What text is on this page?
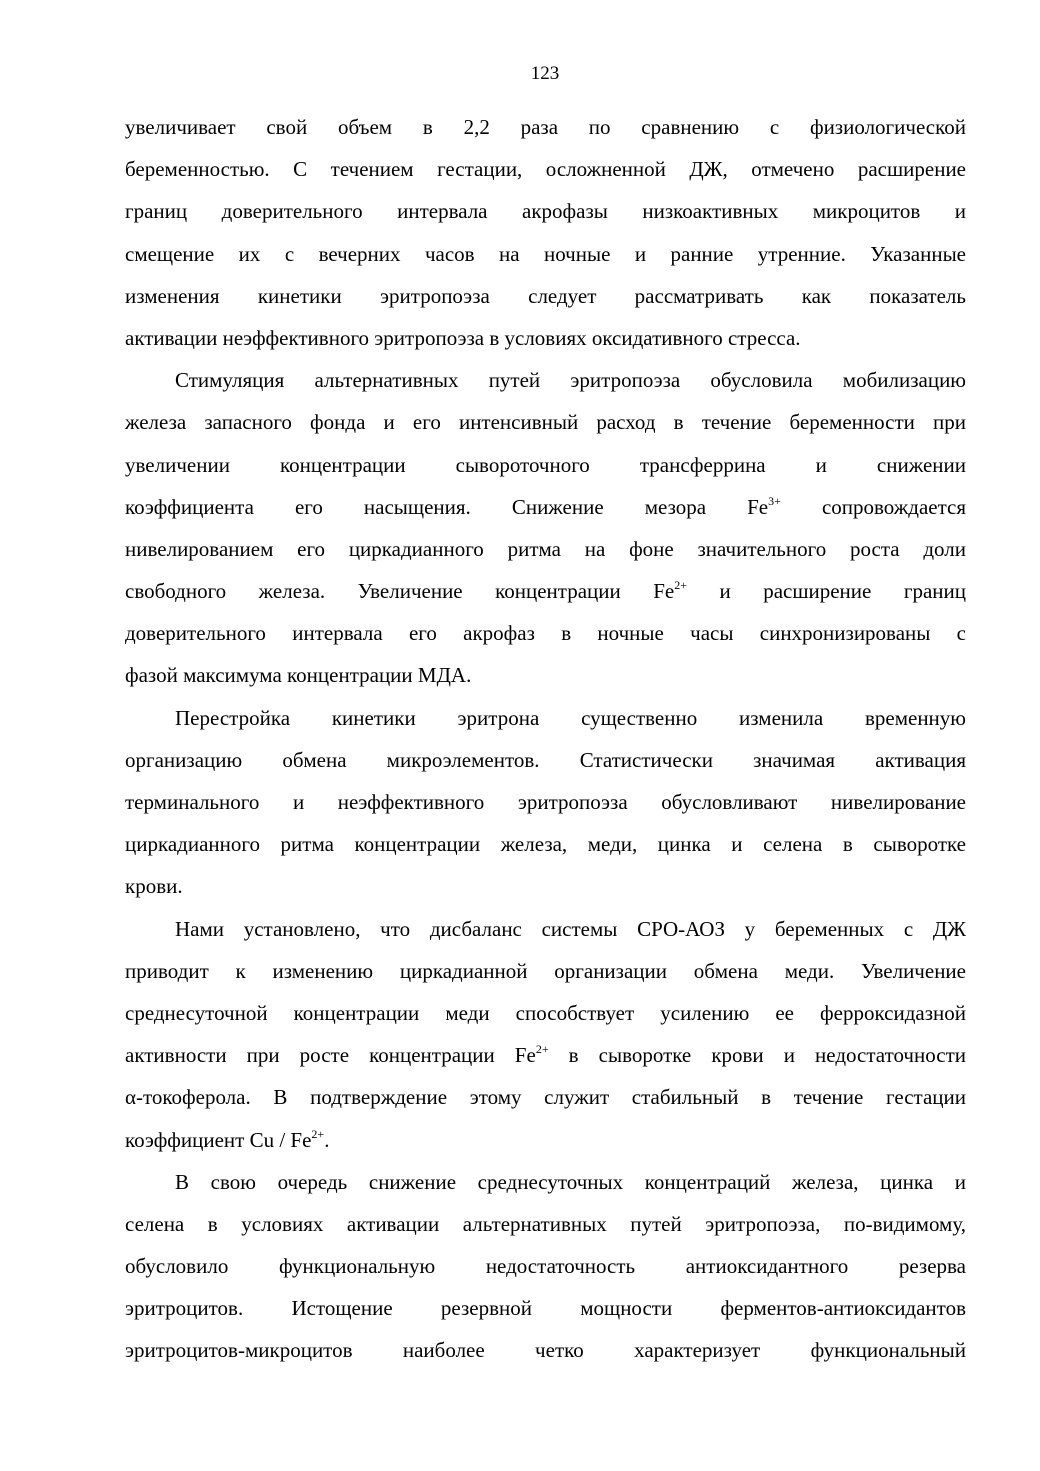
123
увеличивает свой объем в 2,2 раза по сравнению с физиологической
беременностью. С течением гестации, осложненной ДЖ, отмечено расширение
границ доверительного интервала акрофазы низкоактивных микроцитов и
смещение их с вечерних часов на ночные и ранние утренние. Указанные
изменения кинетики эритропоэза следует рассматривать как показатель
активации неэффективного эритропоэза в условиях оксидативного стресса.
Стимуляция альтернативных путей эритропоэза обусловила мобилизацию
железа запасного фонда и его интенсивный расход в течение беременности при
увеличении концентрации сывороточного трансферрина и снижении
коэффициента его насыщения. Снижение мезора $Fe^{3+}$ сопровождается
нивелированием его циркадианного ритма на фоне значительного роста доли
свободного железа. Увеличение концентрации $Fe^{2+}$ и расширение границ
доверительного интервала его акрофаз в ночные часы синхронизированы с
фазой максимума концентрации МДА.
Перестройка кинетики эритрона существенно изменила временную
организацию обмена микроэлементов. Статистически значимая активация
терминального и неэффективного эритропоэза обусловливают нивелирование
циркадианного ритма концентрации железа, меди, цинка и селена в сыворотке
крови.
Нами установлено, что дисбаланс системы СРО-АОЗ у беременных с ДЖ
приводит к изменению циркадианной организации обмена меди. Увеличение
среднесуточной концентрации меди способствует усилению ее ферроксидазной
активности при росте концентрации $Fe^{2+}$ в сыворотке крови и недостаточности
α-токоферола. В подтверждение этому служит стабильный в течение гестации
коэффициент Cu / $Fe^{2+}$.
В свою очередь снижение среднесуточных концентраций железа, цинка и
селена в условиях активации альтернативных путей эритропоэза, по-видимому,
обусловило функциональную недостаточность антиоксидантного резерва
эритроцитов. Истощение резервной мощности ферментов-антиоксидантов
эритроцитов-микроцитов наиболее четко характеризует функциональный
